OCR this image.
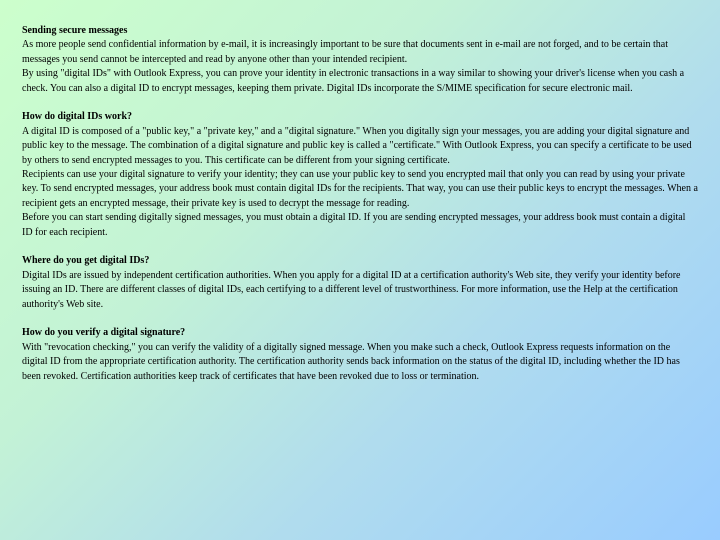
Sending secure messages
As more people send confidential information by e-mail, it is increasingly important to be sure that documents sent in e-mail are not forged, and to be certain that messages you send cannot be intercepted and read by anyone other than your intended recipient.
By using "digital IDs" with Outlook Express, you can prove your identity in electronic transactions in a way similar to showing your driver's license when you cash a check. You can also a digital ID to encrypt messages, keeping them private. Digital IDs incorporate the S/MIME specification for secure electronic mail.
How do digital IDs work?
A digital ID is composed of a "public key," a "private key," and a "digital signature." When you digitally sign your messages, you are adding your digital signature and public key to the message. The combination of a digital signature and public key is called a "certificate." With Outlook Express, you can specify a certificate to be used by others to send encrypted messages to you. This certificate can be different from your signing certificate.
Recipients can use your digital signature to verify your identity; they can use your public key to send you encrypted mail that only you can read by using your private key. To send encrypted messages, your address book must contain digital IDs for the recipients. That way, you can use their public keys to encrypt the messages. When a recipient gets an encrypted message, their private key is used to decrypt the message for reading.
Before you can start sending digitally signed messages, you must obtain a digital ID. If you are sending encrypted messages, your address book must contain a digital ID for each recipient.
Where do you get digital IDs?
Digital IDs are issued by independent certification authorities. When you apply for a digital ID at a certification authority's Web site, they verify your identity before issuing an ID. There are different classes of digital IDs, each certifying to a different level of trustworthiness. For more information, use the Help at the certification authority's Web site.
How do you verify a digital signature?
With "revocation checking," you can verify the validity of a digitally signed message. When you make such a check, Outlook Express requests information on the digital ID from the appropriate certification authority. The certification authority sends back information on the status of the digital ID, including whether the ID has been revoked. Certification authorities keep track of certificates that have been revoked due to loss or termination.
